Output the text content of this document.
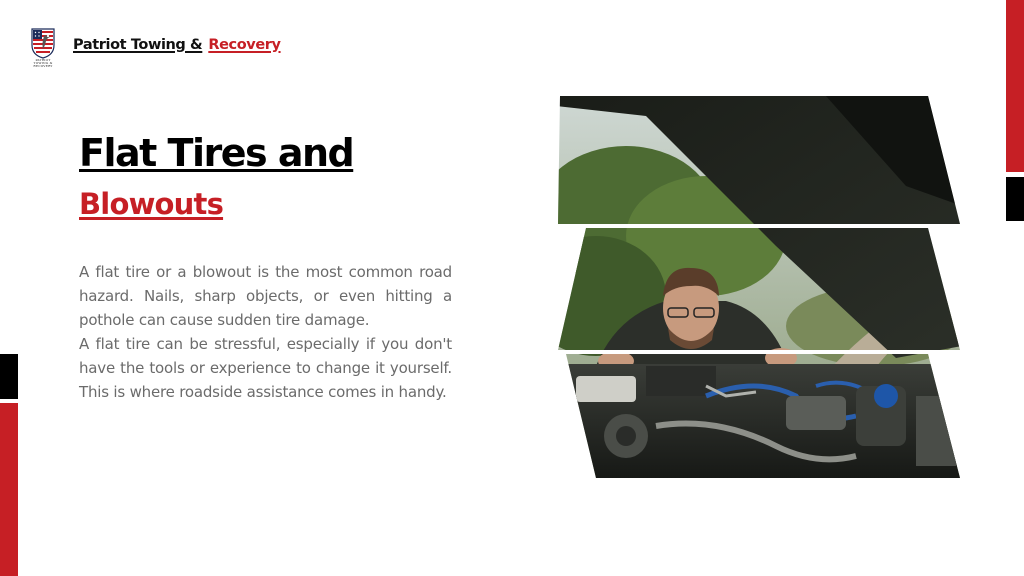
PATRIOT
TOWING & RECOVERY
Patriot Towing & Recovery
Flat Tires and
Blowouts

A flat tire or a blowout is the most common road hazard. Nails, sharp objects, or even hitting a pothole can cause sudden tire damage.

A flat tire can be stressful, especially if you don't have the tools or experience to change it yourself. This is where roadside assistance comes in handy.
